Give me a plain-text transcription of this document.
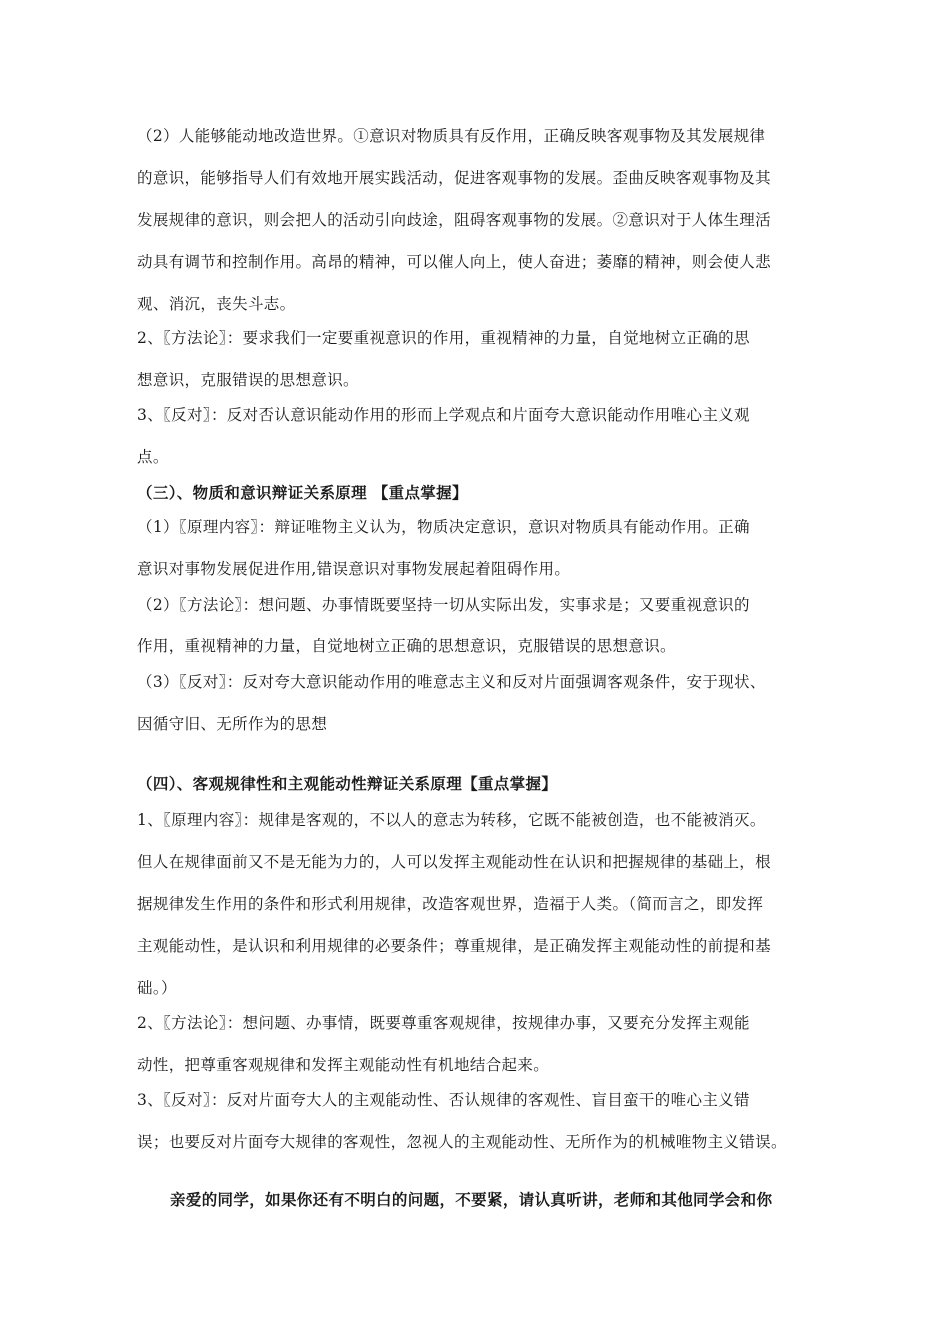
（2）人能够能动地改造世界。①意识对物质具有反作用，正确反映客观事物及其发展规律
的意识，能够指导人们有效地开展实践活动，促进客观事物的发展。歪曲反映客观事物及其
发展规律的意识，则会把人的活动引向歧途，阻碍客观事物的发展。②意识对于人体生理活
动具有调节和控制作用。高昂的精神，可以催人向上，使人奋进；萎靡的精神，则会使人悲
观、消沉，丧失斗志。
2、〖方法论〗：要求我们一定要重视意识的作用，重视精神的力量，自觉地树立正确的思
想意识，克服错误的思想意识。
3、〖反对〗：反对否认意识能动作用的形而上学观点和片面夸大意识能动作用唯心主义观
点。
（三）、物质和意识辩证关系原理 【重点掌握】
（1）〖原理内容〗：辩证唯物主义认为，物质决定意识，意识对物质具有能动作用。正确
意识对事物发展促进作用,错误意识对事物发展起着阻碍作用。
（2）〖方法论〗：想问题、办事情既要坚持一切从实际出发，实事求是；又要重视意识的
作用，重视精神的力量，自觉地树立正确的思想意识，克服错误的思想意识。
（3）〖反对〗：反对夸大意识能动作用的唯意志主义和反对片面强调客观条件，安于现状、
因循守旧、无所作为的思想
（四）、客观规律性和主观能动性辩证关系原理【重点掌握】
1、〖原理内容〗：规律是客观的，不以人的意志为转移，它既不能被创造，也不能被消灭。
但人在规律面前又不是无能为力的，人可以发挥主观能动性在认识和把握规律的基础上，根
据规律发生作用的条件和形式利用规律，改造客观世界，造福于人类。（简而言之，即发挥
主观能动性，是认识和利用规律的必要条件；尊重规律，是正确发挥主观能动性的前提和基
础。）
2、〖方法论〗：想问题、办事情，既要尊重客观规律，按规律办事，又要充分发挥主观能
动性，把尊重客观规律和发挥主观能动性有机地结合起来。
3、〖反对〗：反对片面夸大人的主观能动性、否认规律的客观性、盲目蛮干的唯心主义错
误；也要反对片面夸大规律的客观性，忽视人的主观能动性、无所作为的机械唯物主义错误。
亲爱的同学，如果你还有不明白的问题，不要紧，请认真听讲，老师和其他同学会和你
